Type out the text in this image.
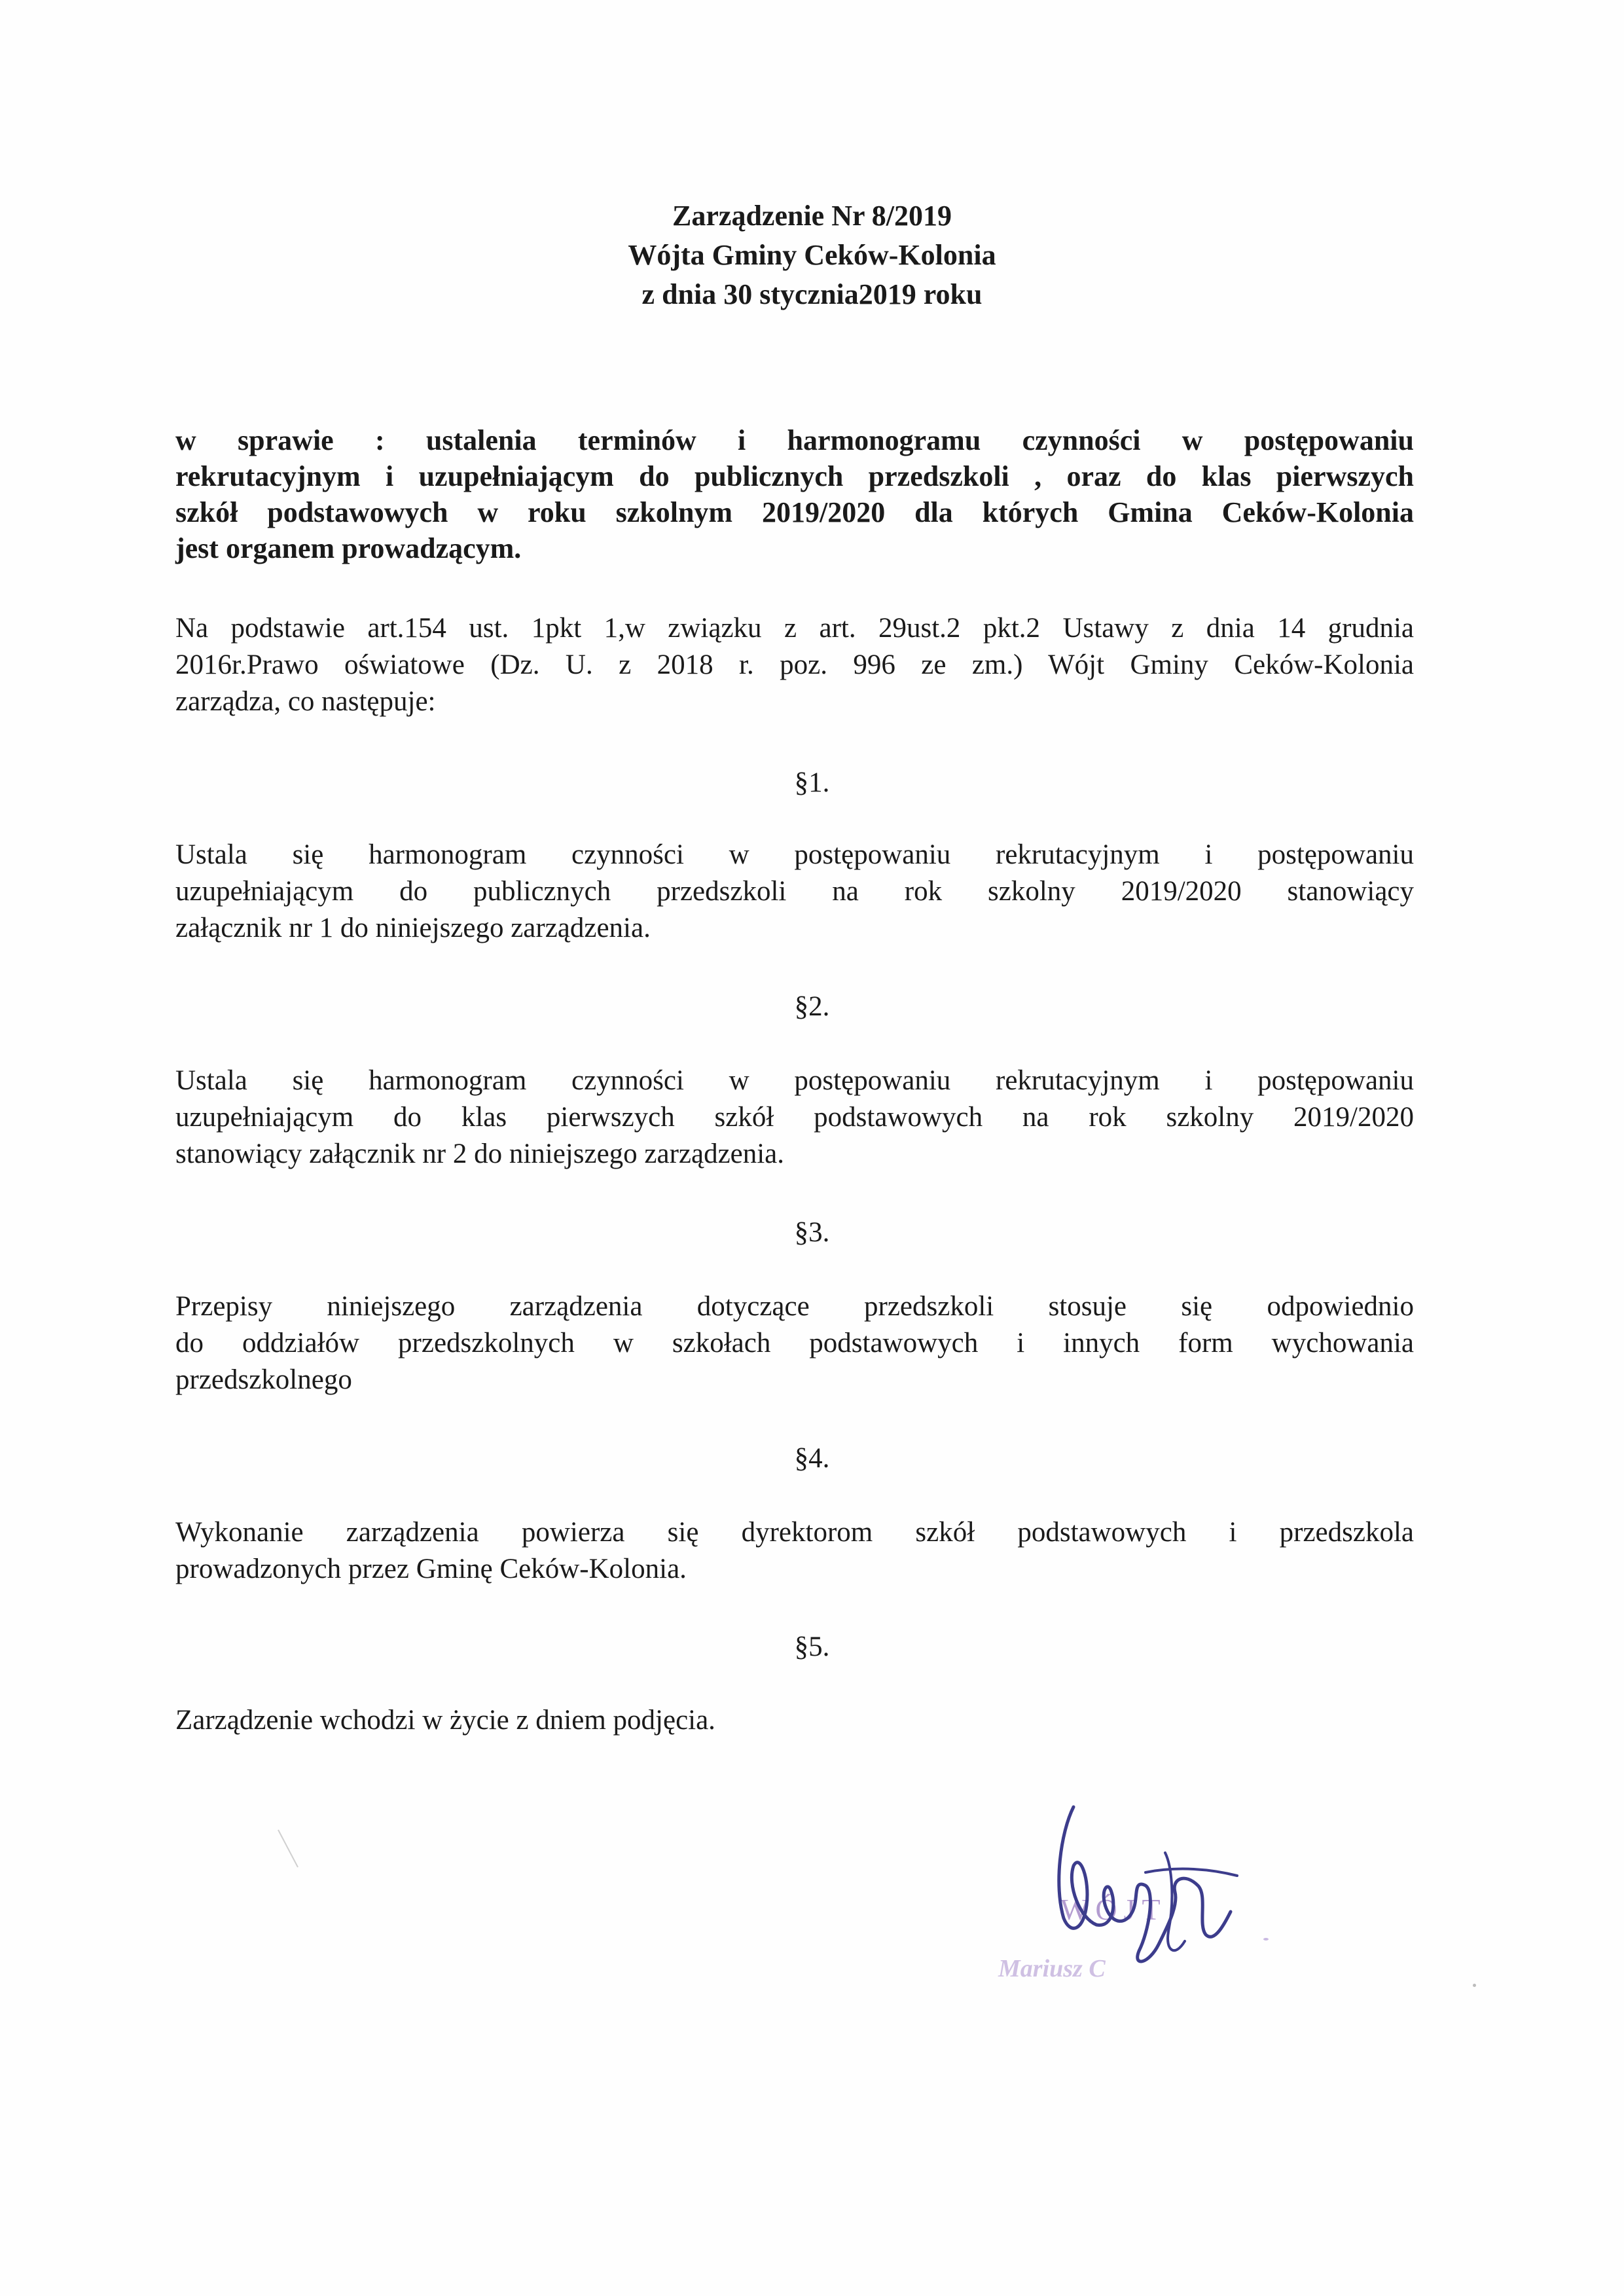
Zarządzenie Nr 8/2019
Wójta Gminy Ceków-Kolonia
z dnia 30 stycznia2019 roku
w sprawie : ustalenia terminów i harmonogramu czynności w postępowaniu
rekrutacyjnym i uzupełniającym do publicznych przedszkoli , oraz do klas pierwszych
szkół podstawowych w roku szkolnym 2019/2020 dla których Gmina Ceków-Kolonia
jest organem prowadzącym.
Na podstawie art.154 ust. 1pkt 1,w związku z art. 29ust.2 pkt.2 Ustawy z dnia 14 grudnia
2016r.Prawo oświatowe (Dz. U. z 2018 r. poz. 996 ze zm.) Wójt Gminy Ceków-Kolonia
zarządza, co następuje:
§1.
Ustala się harmonogram czynności w postępowaniu rekrutacyjnym i postępowaniu
uzupełniającym do publicznych przedszkoli na rok szkolny 2019/2020 stanowiący
załącznik nr 1 do niniejszego zarządzenia.
§2.
Ustala się harmonogram czynności w postępowaniu rekrutacyjnym i postępowaniu
uzupełniającym do klas pierwszych szkół podstawowych na rok szkolny 2019/2020
stanowiący załącznik nr 2 do niniejszego zarządzenia.
§3.
Przepisy niniejszego zarządzenia dotyczące przedszkoli stosuje się odpowiednio
do oddziałów przedszkolnych w szkołach podstawowych i innych form wychowania
przedszkolnego
§4.
Wykonanie zarządzenia powierza się dyrektorom szkół podstawowych i przedszkola
prowadzonych przez Gminę Ceków-Kolonia.
§5.
Zarządzenie wchodzi w życie z dniem podjęcia.
WÓJT
Mariusz C
